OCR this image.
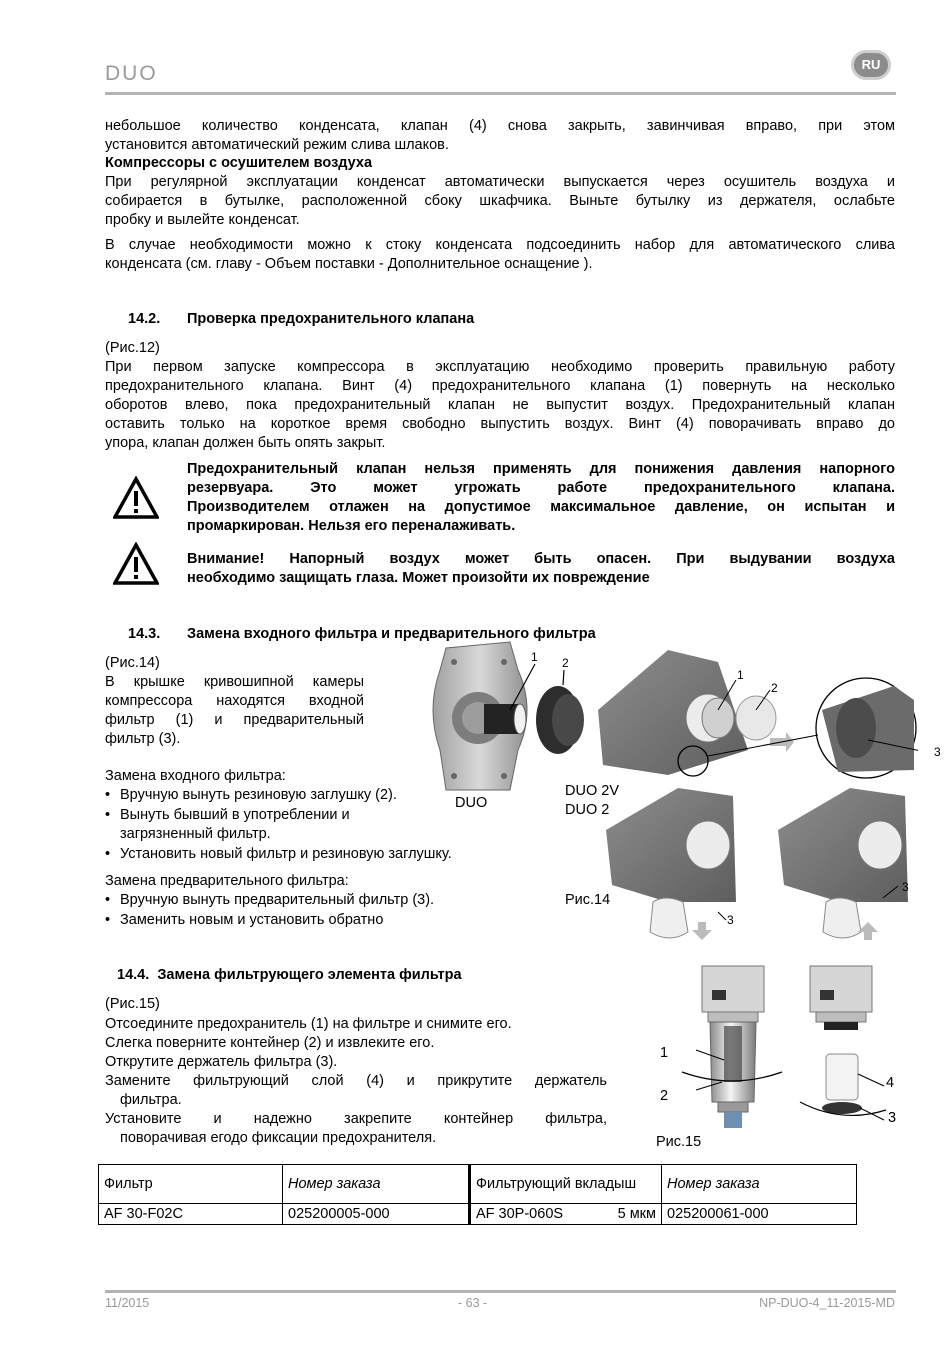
DUO	RU
небольшое количество конденсата, клапан (4) снова закрыть, завинчивая вправо, при этом
установится автоматический режим слива шлаков.
Компрессоры с осушителем воздуха
При регулярной эксплуатации конденсат автоматически выпускается через осушитель воздуха и
собирается в бутылке, расположенной сбоку шкафчика. Выньте бутылку из держателя, ослабьте
пробку и вылейте конденсат.
В случае необходимости можно к стоку конденсата подсоединить набор для автоматического слива
конденсата (см. главу - Объем поставки - Дополнительное оснащение ).
14.2. Проверка предохранительного клапана
(Рис.12)
При первом запуске компрессора в эксплуатацию необходимо проверить правильную работу
предохранительного клапана. Винт (4) предохранительного клапана (1) повернуть на несколько
оборотов влево, пока предохранительный клапан не выпустит воздух. Предохранительный клапан
оставить только на короткое время свободно выпустить воздух. Винт (4) поворачивать вправо до
упора, клапан должен быть опять закрыт.
Предохранительный клапан нельзя применять для понижения давления напорного
резервуара. Это может угрожать работе предохранительного клапана.
Производителем отлажен на допустимое максимальное давление, он испытан и
промаркирован. Нельзя его переналаживать.
Внимание! Напорный воздух может быть опасен. При выдувании воздуха
необходимо защищать глаза. Может произойти их повреждение
14.3. Замена входного фильтра и предварительного фильтра
(Рис.14)
В крышке кривошипной камеры
компрессора находятся входной
фильтр (1) и предварительный
фильтр (3).
Замена входного фильтра:
• Вручную вынуть резиновую заглушку (2).
• Вынуть бывший в употреблении и
загрязненный фильтр.
• Установить новый фильтр и резиновую заглушку.
Замена предварительного фильтра:
• Вручную вынуть предварительный фильтр (3).
• Заменить новым и установить обратно
1 2
1
2
3
3
3
DUO
DUO 2V
DUO 2
Рис.14
14.4. Замена фильтрующего элемента фильтра
(Рис.15)
Отсоедините предохранитель (1) на фильтре и снимите его.
Слегка поверните контейнер (2) и извлеките его.
Открутите держатель фильтра (3).
Замените фильтрующий слой (4) и прикрутите держатель
фильтра.
Установите и надежно закрепите контейнер фильтра,
поворачивая егодо фиксации предохранителя.
1
2
3
4
Рис.15
Фильтр	Номер заказа	Фильтрующий вкладыш	Номер заказа
AF 30-F02C	025200005-000	AF 30P-060S 5 мкм	025200061-000
11/2015	- 63 -	NP-DUO-4_11-2015-MD
